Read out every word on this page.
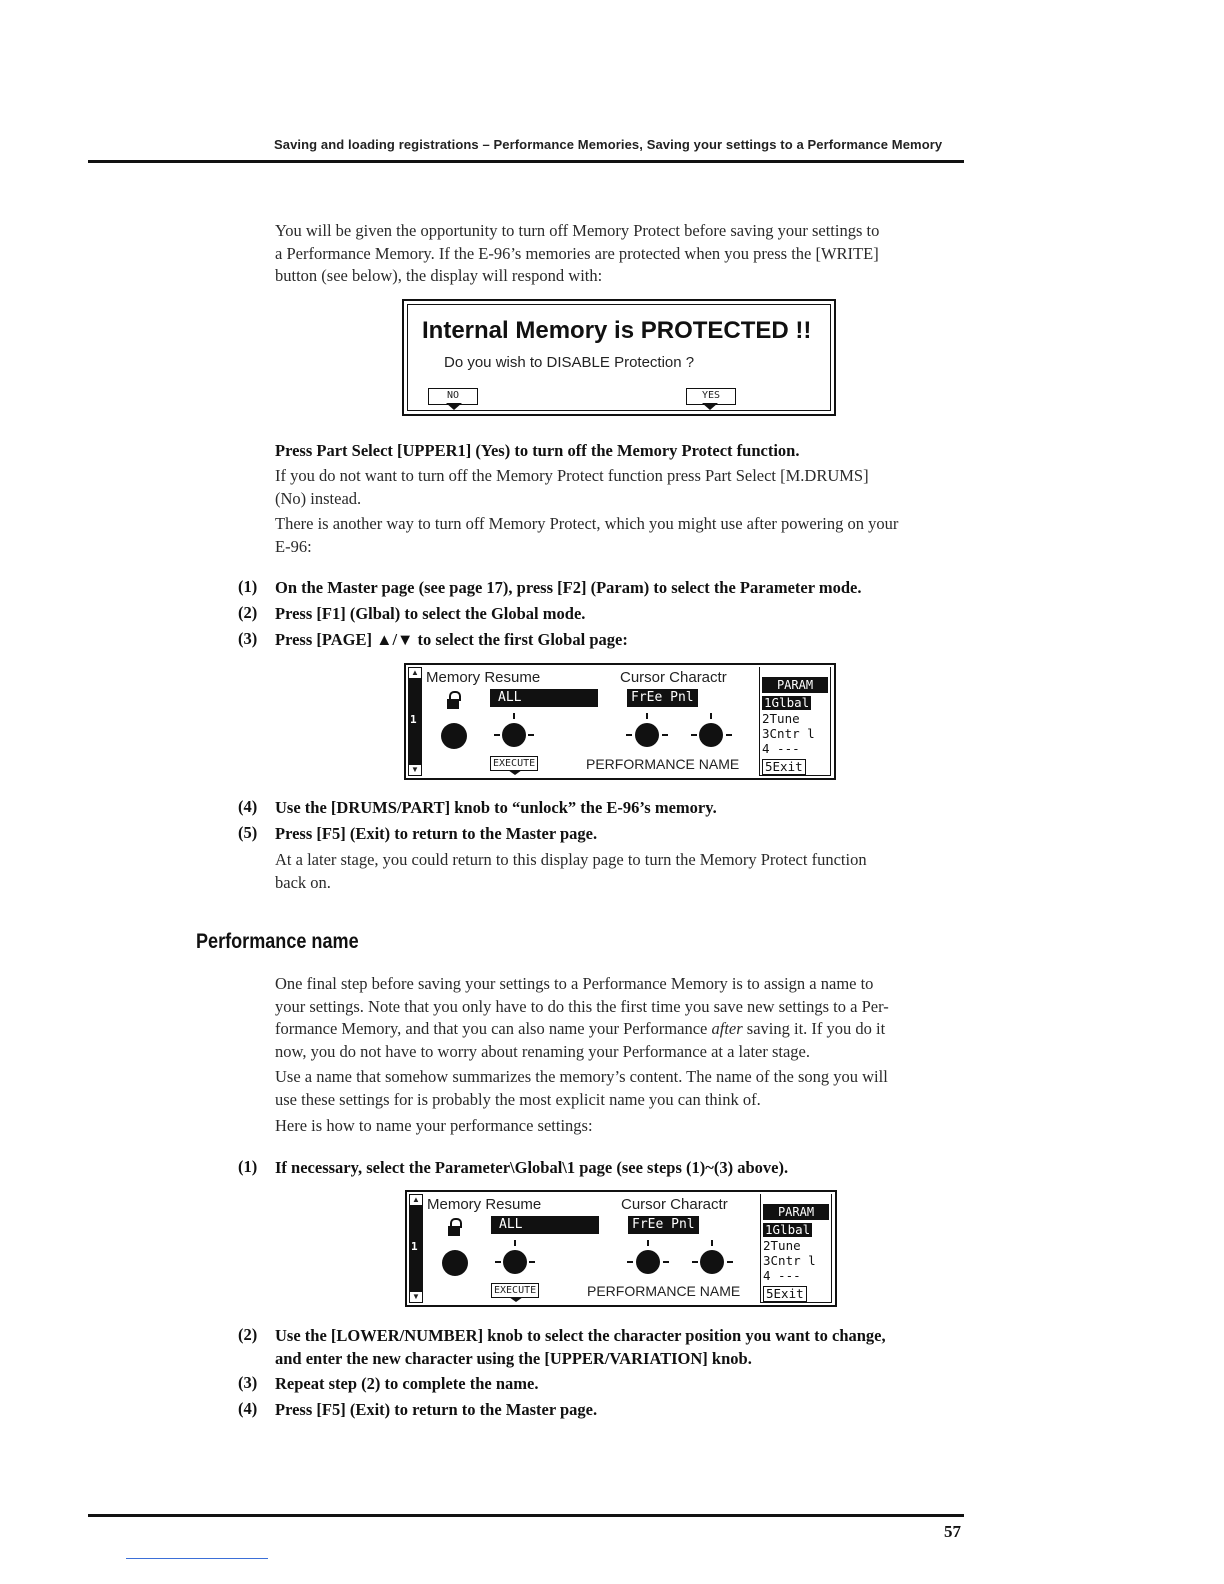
Saving and loading registrations – Performance Memories, Saving your settings to a Performance Memory
You will be given the opportunity to turn off Memory Protect before saving your settings to
a Performance Memory. If the E-96’s memories are protected when you press the [WRITE]
button (see below), the display will respond with:
Internal Memory is PROTECTED !!
Do you wish to DISABLE Protection ?
NO	YES
Press Part Select [UPPER1] (Yes) to turn off the Memory Protect function.
If you do not want to turn off the Memory Protect function press Part Select [M.DRUMS]
(No) instead.
There is another way to turn off Memory Protect, which you might use after powering on your
E-96:
(1) On the Master page (see page 17), press [F2] (Param) to select the Parameter mode.
(2) Press [F1] (Glbal) to select the Global mode.
(3) Press [PAGE] ▲/▼ to select the first Global page:
▲
1
▼
Memory Resume	Cursor Charactr
ALL	FrEe Pnl
EXECUTE	PERFORMANCE NAME
PARAM
1Glbal
2Tune
3Cntr l
4 ---
5Exit
(4) Use the [DRUMS/PART] knob to “unlock” the E-96’s memory.
(5) Press [F5] (Exit) to return to the Master page.
At a later stage, you could return to this display page to turn the Memory Protect function
back on.
Performance name
One final step before saving your settings to a Performance Memory is to assign a name to
your settings. Note that you only have to do this the first time you save new settings to a Per-
formance Memory, and that you can also name your Performance after saving it. If you do it
now, you do not have to worry about renaming your Performance at a later stage.
Use a name that somehow summarizes the memory’s content. The name of the song you will
use these settings for is probably the most explicit name you can think of.
Here is how to name your performance settings:
(1) If necessary, select the Parameter\Global\1 page (see steps (1)~(3) above).
▲
1
▼
Memory Resume	Cursor Charactr
ALL	FrEe Pnl
EXECUTE	PERFORMANCE NAME
PARAM
1Glbal
2Tune
3Cntr l
4 ---
5Exit
(2) Use the [LOWER/NUMBER] knob to select the character position you want to change,
and enter the new character using the [UPPER/VARIATION] knob.
(3) Repeat step (2) to complete the name.
(4) Press [F5] (Exit) to return to the Master page.
57
